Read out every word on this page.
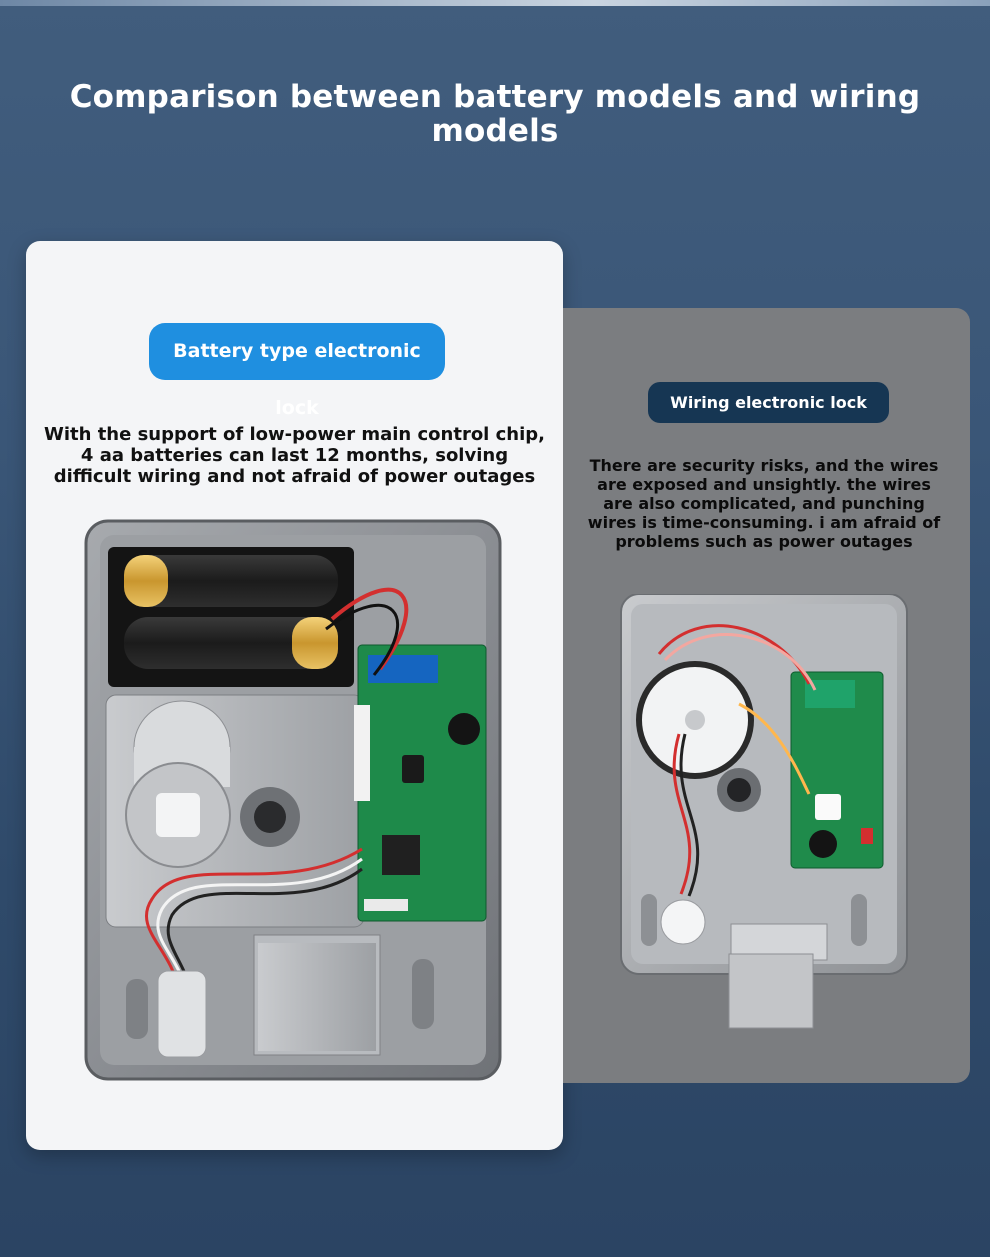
Comparison between battery models and wiring models
Battery type electronic lock

With the support of low-power main control chip, 4 aa batteries can last 12 months, solving difficult wiring and not afraid of power outages

Wiring electronic lock

There are security risks, and the wires are exposed and unsightly. the wires are also complicated, and punching wires is time-consuming. i am afraid of problems such as power outages
